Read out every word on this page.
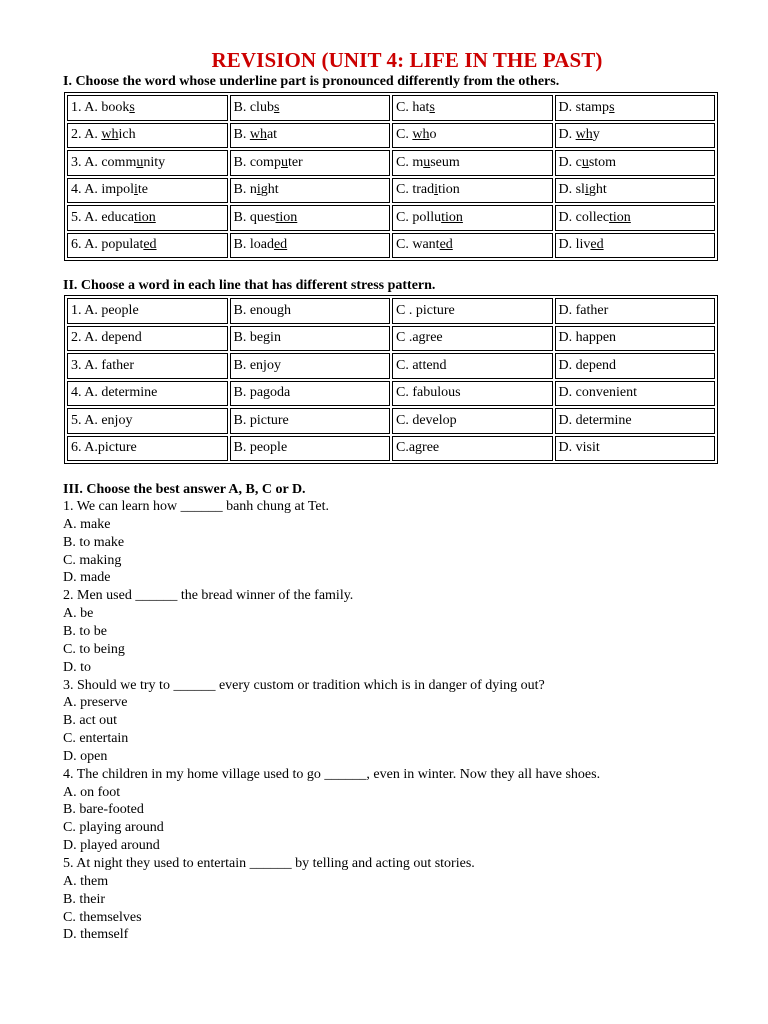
REVISION (UNIT 4: LIFE IN THE PAST)
I. Choose the word whose underline part is pronounced differently from the others.
1. A. books	B. clubs	C. hats	D. stamps
2. A. which	B. what	C. who	D. why
3. A. community	B. computer	C. museum	D. custom
4. A. impolite	B. night	C. tradition	D. slight
5. A. education	B. question	C. pollution	D. collection
6. A. populated	B. loaded	C. wanted	D. lived
II. Choose a word in each line that has different stress pattern.
1. A. people	B. enough	C . picture	D. father
2. A. depend	B. begin	C .agree	D. happen
3. A. father	B. enjoy	C. attend	D. depend
4. A. determine	B. pagoda	C. fabulous	D. convenient
5. A. enjoy	B. picture	C. develop	D. determine
6. A.picture	B. people	C.agree	D. visit
III. Choose the best answer A, B, C or D.
1. We can learn how ______ banh chung at Tet.
A. make
B. to make
C. making
D. made
2. Men used ______ the bread winner of the family.
A. be
B. to be
C. to being
D. to
3. Should we try to ______ every custom or tradition which is in danger of dying out?
A. preserve
B. act out
C. entertain
D. open
4. The children in my home village used to go ______, even in winter. Now they all have shoes.
A. on foot
B. bare-footed
C. playing around
D. played around
5. At night they used to entertain ______ by telling and acting out stories.
A. them
B. their
C. themselves
D. themself
